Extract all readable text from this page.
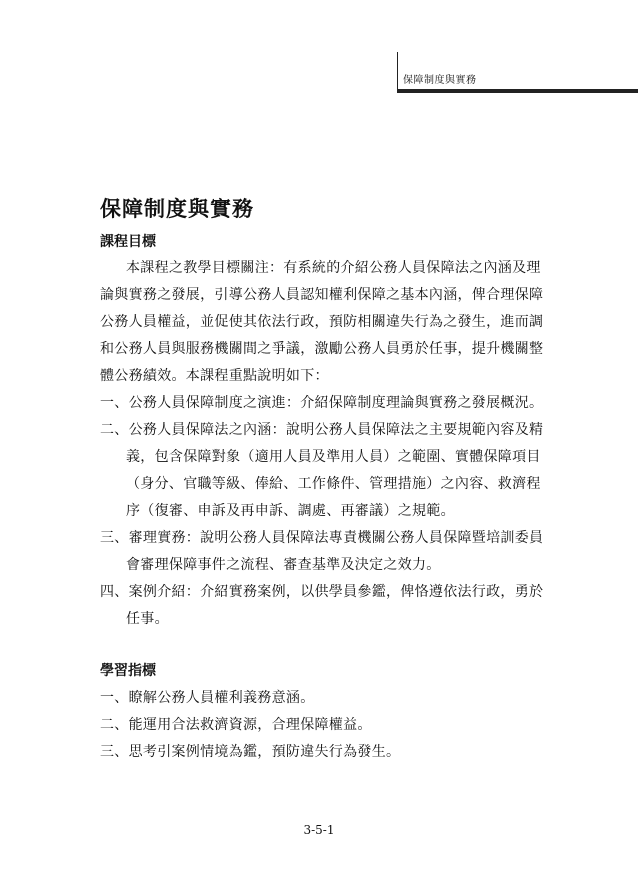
保障制度與實務
保障制度與實務
課程目標
本課程之教學目標關注：有系統的介紹公務人員保障法之內涵及理
論與實務之發展，引導公務人員認知權利保障之基本內涵，俾合理保障
公務人員權益，並促使其依法行政，預防相關違失行為之發生，進而調
和公務人員與服務機關間之爭議，激勵公務人員勇於任事，提升機關整
體公務績效。本課程重點說明如下：
一、公務人員保障制度之演進：介紹保障制度理論與實務之發展概況。
二、公務人員保障法之內涵：說明公務人員保障法之主要規範內容及精
義，包含保障對象（適用人員及準用人員）之範圍、實體保障項目
（身分、官職等級、俸給、工作條件、管理措施）之內容、救濟程
序（復審、申訴及再申訴、調處、再審議）之規範。
三、審理實務：說明公務人員保障法專責機關公務人員保障暨培訓委員
會審理保障事件之流程、審查基準及決定之效力。
四、案例介紹：介紹實務案例，以供學員參鑑，俾恪遵依法行政，勇於
任事。
學習指標
一、瞭解公務人員權利義務意涵。
二、能運用合法救濟資源，合理保障權益。
三、思考引案例情境為鑑，預防違失行為發生。
3-5-1
